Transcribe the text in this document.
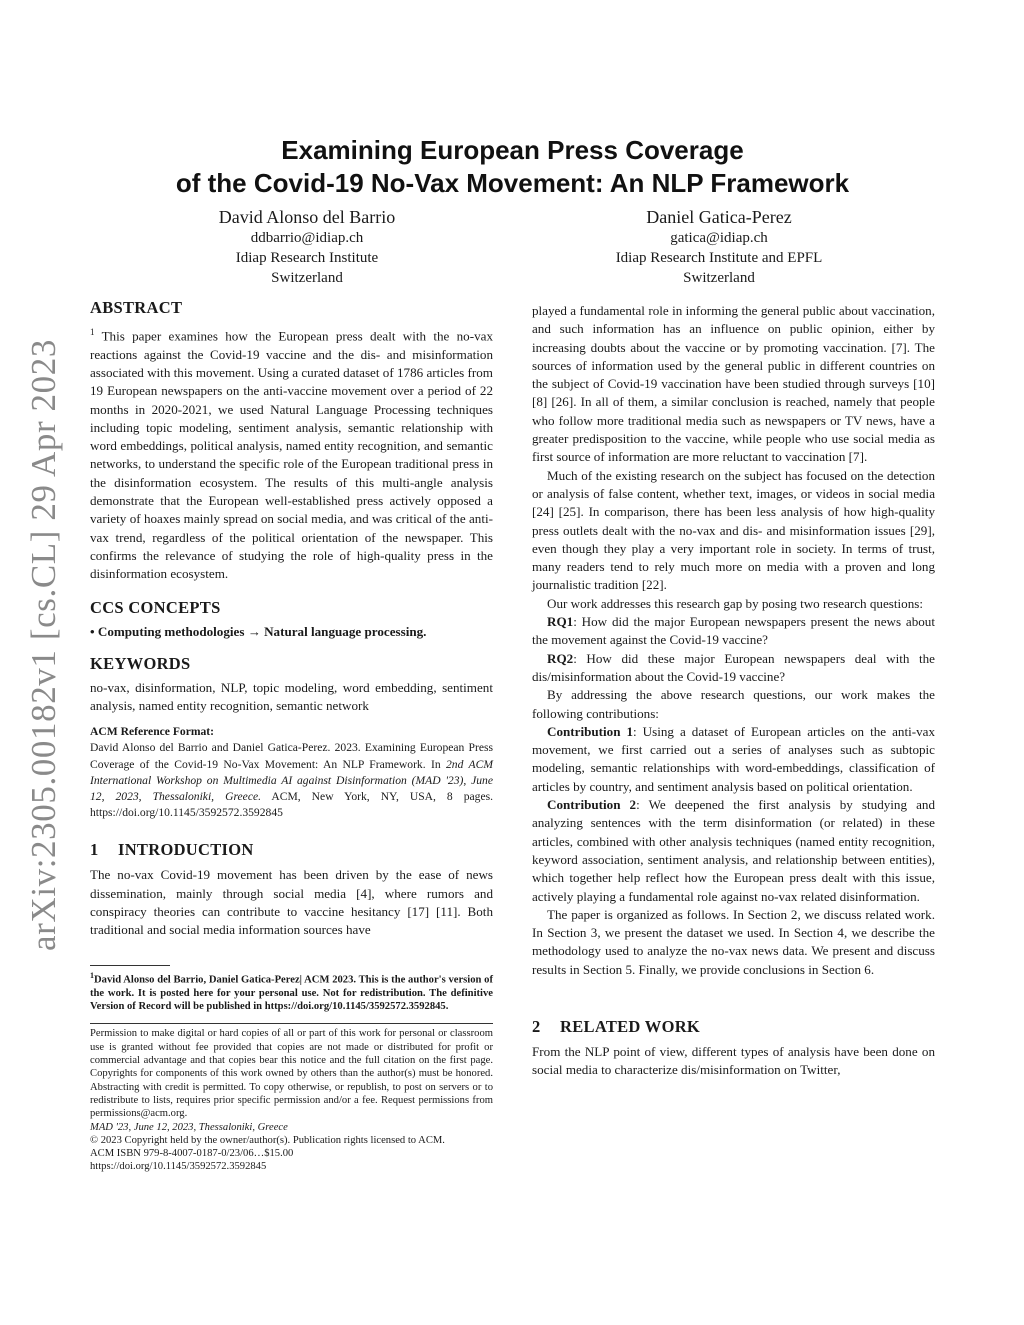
arXiv:2305.00182v1 [cs.CL] 29 Apr 2023
Examining European Press Coverage
of the Covid-19 No-Vax Movement: An NLP Framework
David Alonso del Barrio
ddbarrio@idiap.ch
Idiap Research Institute
Switzerland
Daniel Gatica-Perez
gatica@idiap.ch
Idiap Research Institute and EPFL
Switzerland
ABSTRACT

$^1$ This paper examines how the European press dealt with the no-vax reactions against the Covid-19 vaccine and the dis- and misinformation associated with this movement. Using a curated dataset of 1786 articles from 19 European newspapers on the anti-vaccine movement over a period of 22 months in 2020-2021, we used Natural Language Processing techniques including topic modeling, sentiment analysis, semantic relationship with word embeddings, political analysis, named entity recognition, and semantic networks, to understand the specific role of the European traditional press in the disinformation ecosystem. The results of this multi-angle analysis demonstrate that the European well-established press actively opposed a variety of hoaxes mainly spread on social media, and was critical of the anti-vax trend, regardless of the political orientation of the newspaper. This confirms the relevance of studying the role of high-quality press in the disinformation ecosystem.

CCS CONCEPTS

• Computing methodologies → Natural language processing.

KEYWORDS

no-vax, disinformation, NLP, topic modeling, word embedding, sentiment analysis, named entity recognition, semantic network

ACM Reference Format:

David Alonso del Barrio and Daniel Gatica-Perez. 2023. Examining European Press Coverage of the Covid-19 No-Vax Movement: An NLP Framework. In 2nd ACM International Workshop on Multimedia AI against Disinformation (MAD '23), June 12, 2023, Thessaloniki, Greece. ACM, New York, NY, USA, 8 pages. https://doi.org/10.1145/3592572.3592845

1 INTRODUCTION

The no-vax Covid-19 movement has been driven by the ease of news dissemination, mainly through social media [4], where rumors and conspiracy theories can contribute to vaccine hesitancy [17] [11]. Both traditional and social media information sources have

$^1$David Alonso del Barrio, Daniel Gatica-Perez| ACM 2023. This is the author's version of the work. It is posted here for your personal use. Not for redistribution. The definitive Version of Record will be published in https://doi.org/10.1145/3592572.3592845.

Permission to make digital or hard copies of all or part of this work for personal or classroom use is granted without fee provided that copies are not made or distributed for profit or commercial advantage and that copies bear this notice and the full citation on the first page. Copyrights for components of this work owned by others than the author(s) must be honored. Abstracting with credit is permitted. To copy otherwise, or republish, to post on servers or to redistribute to lists, requires prior specific permission and/or a fee. Request permissions from permissions@acm.org.

MAD '23, June 12, 2023, Thessaloniki, Greece

© 2023 Copyright held by the owner/author(s). Publication rights licensed to ACM.

ACM ISBN 979-8-4007-0187-0/23/06…$15.00

https://doi.org/10.1145/3592572.3592845

played a fundamental role in informing the general public about vaccination, and such information has an influence on public opinion, either by increasing doubts about the vaccine or by promoting vaccination. [7]. The sources of information used by the general public in different countries on the subject of Covid-19 vaccination have been studied through surveys [10] [8] [26]. In all of them, a similar conclusion is reached, namely that people who follow more traditional media such as newspapers or TV news, have a greater predisposition to the vaccine, while people who use social media as first source of information are more reluctant to vaccination [7].

Much of the existing research on the subject has focused on the detection or analysis of false content, whether text, images, or videos in social media [24] [25]. In comparison, there has been less analysis of how high-quality press outlets dealt with the no-vax and dis- and misinformation issues [29], even though they play a very important role in society. In terms of trust, many readers tend to rely much more on media with a proven and long journalistic tradition [22].

Our work addresses this research gap by posing two research questions:

RQ1: How did the major European newspapers present the news about the movement against the Covid-19 vaccine?

RQ2: How did these major European newspapers deal with the dis/misinformation about the Covid-19 vaccine?

By addressing the above research questions, our work makes the following contributions:

Contribution 1: Using a dataset of European articles on the anti-vax movement, we first carried out a series of analyses such as subtopic modeling, semantic relationships with word-embeddings, classification of articles by country, and sentiment analysis based on political orientation.

Contribution 2: We deepened the first analysis by studying and analyzing sentences with the term disinformation (or related) in these articles, combined with other analysis techniques (named entity recognition, keyword association, sentiment analysis, and relationship between entities), which together help reflect how the European press dealt with this issue, actively playing a fundamental role against no-vax related disinformation.

The paper is organized as follows. In Section 2, we discuss related work. In Section 3, we present the dataset we used. In Section 4, we describe the methodology used to analyze the no-vax news data. We present and discuss results in Section 5. Finally, we provide conclusions in Section 6.

2 RELATED WORK

From the NLP point of view, different types of analysis have been done on social media to characterize dis/misinformation on Twitter,
